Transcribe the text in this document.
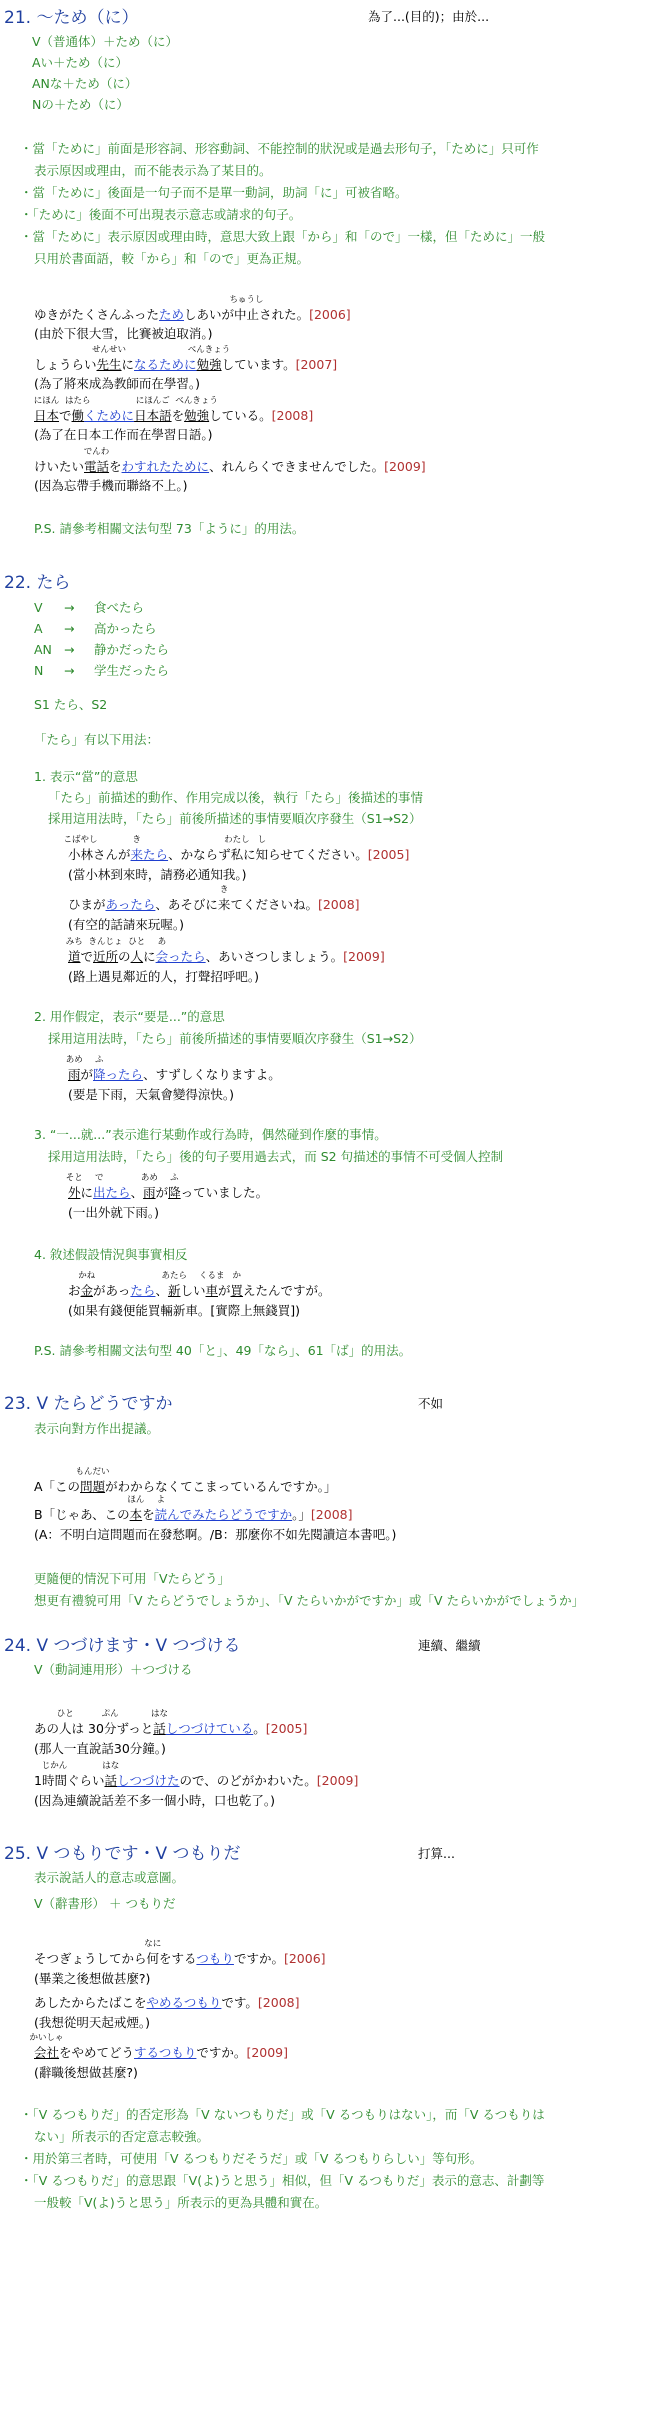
21. ～ため（に）	為了...(目的)；由於...
V（普通体）＋ため（に）
Aい＋ため（に）
ANな＋ため（に）
Nの＋ため（に）
・當「ために」前面是形容詞、形容動詞、不能控制的狀況或是過去形句子，「ために」只可作
表示原因或理由，而不能表示為了某目的。
・當「ために」後面是一句子而不是單一動詞，助詞「に」可被省略。
・「ために」後面不可出現表示意志或請求的句子。
・當「ために」表示原因或理由時，意思大致上跟「から」和「ので」一樣，但「ために」一般
只用於書面語，較「から」和「ので」更為正規。
ゆきがたくさんふったためしあいが中止
ちゅうし
された。[2006]
(由於下很大雪，比賽被迫取消。)
しょうらい先生
せんせい
になるために勉強
べんきょう
しています。[2007]
(為了將來成為教師而在學習。)
日本
にほん
で働
はたら
くために日本語
にほんご
を勉強
べんきょう
している。[2008]
(為了在日本工作而在學習日語。)
けいたい電話
でんわ
をわすれたために、れんらくできませんでした。[2009]
(因為忘帶手機而聯絡不上。)
P.S. 請參考相關文法句型 73「ように」的用法。
22. たら
V → 食べたら
A → 高かったら
AN → 静かだったら
N → 学生だったら
S1 たら、S2
「たら」有以下用法：
1. 表示“當”的意思
「たら」前描述的動作、作用完成以後，執行「たら」後描述的事情
採用這用法時，「たら」前後所描述的事情要順次序發生（S1→S2）
小林
こばやし
さんが来
き
たら、かならず私
わたし
に知
し
らせてください。[2005]
(當小林到來時，請務必通知我。)
ひまがあったら、あそびに来
き
てくださいね。[2008]
(有空的話請來玩喔。)
道
みち
で近所
きんじょ
の人
ひと
に会
あ
ったら、あいさつしましょう。[2009]
(路上遇見鄰近的人，打聲招呼吧。)
2. 用作假定，表示“要是...”的意思
採用這用法時，「たら」前後所描述的事情要順次序發生（S1→S2）
雨
あめ
が降
ふ
ったら、すずしくなりますよ。
(要是下雨，天氣會變得涼快。)
3. “一...就...”表示進行某動作或行為時，偶然碰到作麼的事情。
採用這用法時，「たら」後的句子要用過去式，而 S2 句描述的事情不可受個人控制
外
そと
に出
で
たら、雨
あめ
が降
ふ
っていました。
(一出外就下雨。)
4. 敘述假設情況與事實相反
お金
かね
があったら、新
あたら
しい車
くるま
が買
か
えたんですが。
(如果有錢便能買輛新車。[實際上無錢買])
P.S. 請參考相關文法句型 40「と」、49「なら」、61「ば」的用法。
23. V たらどうですか	不如
表示向對方作出提議。
A「この問題
もんだい
がわからなくてこまっているんですか。」
B「じゃあ、この本
ほん
を読
よ
んでみたらどうですか。」[2008]
(A：不明白這問題而在發愁啊。/B：那麼你不如先閱讀這本書吧。)
更隨便的情況下可用「Vたらどう」
想更有禮貌可用「V たらどうでしょうか」、「V たらいかがですか」或「V たらいかがでしょうか」
24. V つづけます・V つづける	連續、繼續
V（動詞連用形）＋つづける
あの人
ひと
は 30分
ぷん
ずっと話
はな
しつづけている。[2005]
(那人一直說話30分鐘。)
1時間
じかん
ぐらい話
はな
しつづけたので、のどがかわいた。[2009]
(因為連續說話差不多一個小時，口也乾了。)
25. V つもりです・V つもりだ	打算...
表示說話人的意志或意圖。
V（辭書形） ＋ つもりだ
そつぎょうしてから何
なに
をするつもりですか。[2006]
(畢業之後想做甚麼?)
あしたからたばこをやめるつもりです。[2008]
(我想從明天起戒煙。)
会社
かいしゃ
をやめてどうするつもりですか。[2009]
(辭職後想做甚麼?)
・「V るつもりだ」的否定形為「V ないつもりだ」或「V るつもりはない」，而「V るつもりは
ない」所表示的否定意志較強。
・用於第三者時，可使用「V るつもりだそうだ」或「V るつもりらしい」等句形。
・「V るつもりだ」的意思跟「V(よ)うと思う」相似，但「V るつもりだ」表示的意志、計劃等
一般較「V(よ)うと思う」所表示的更為具體和實在。
